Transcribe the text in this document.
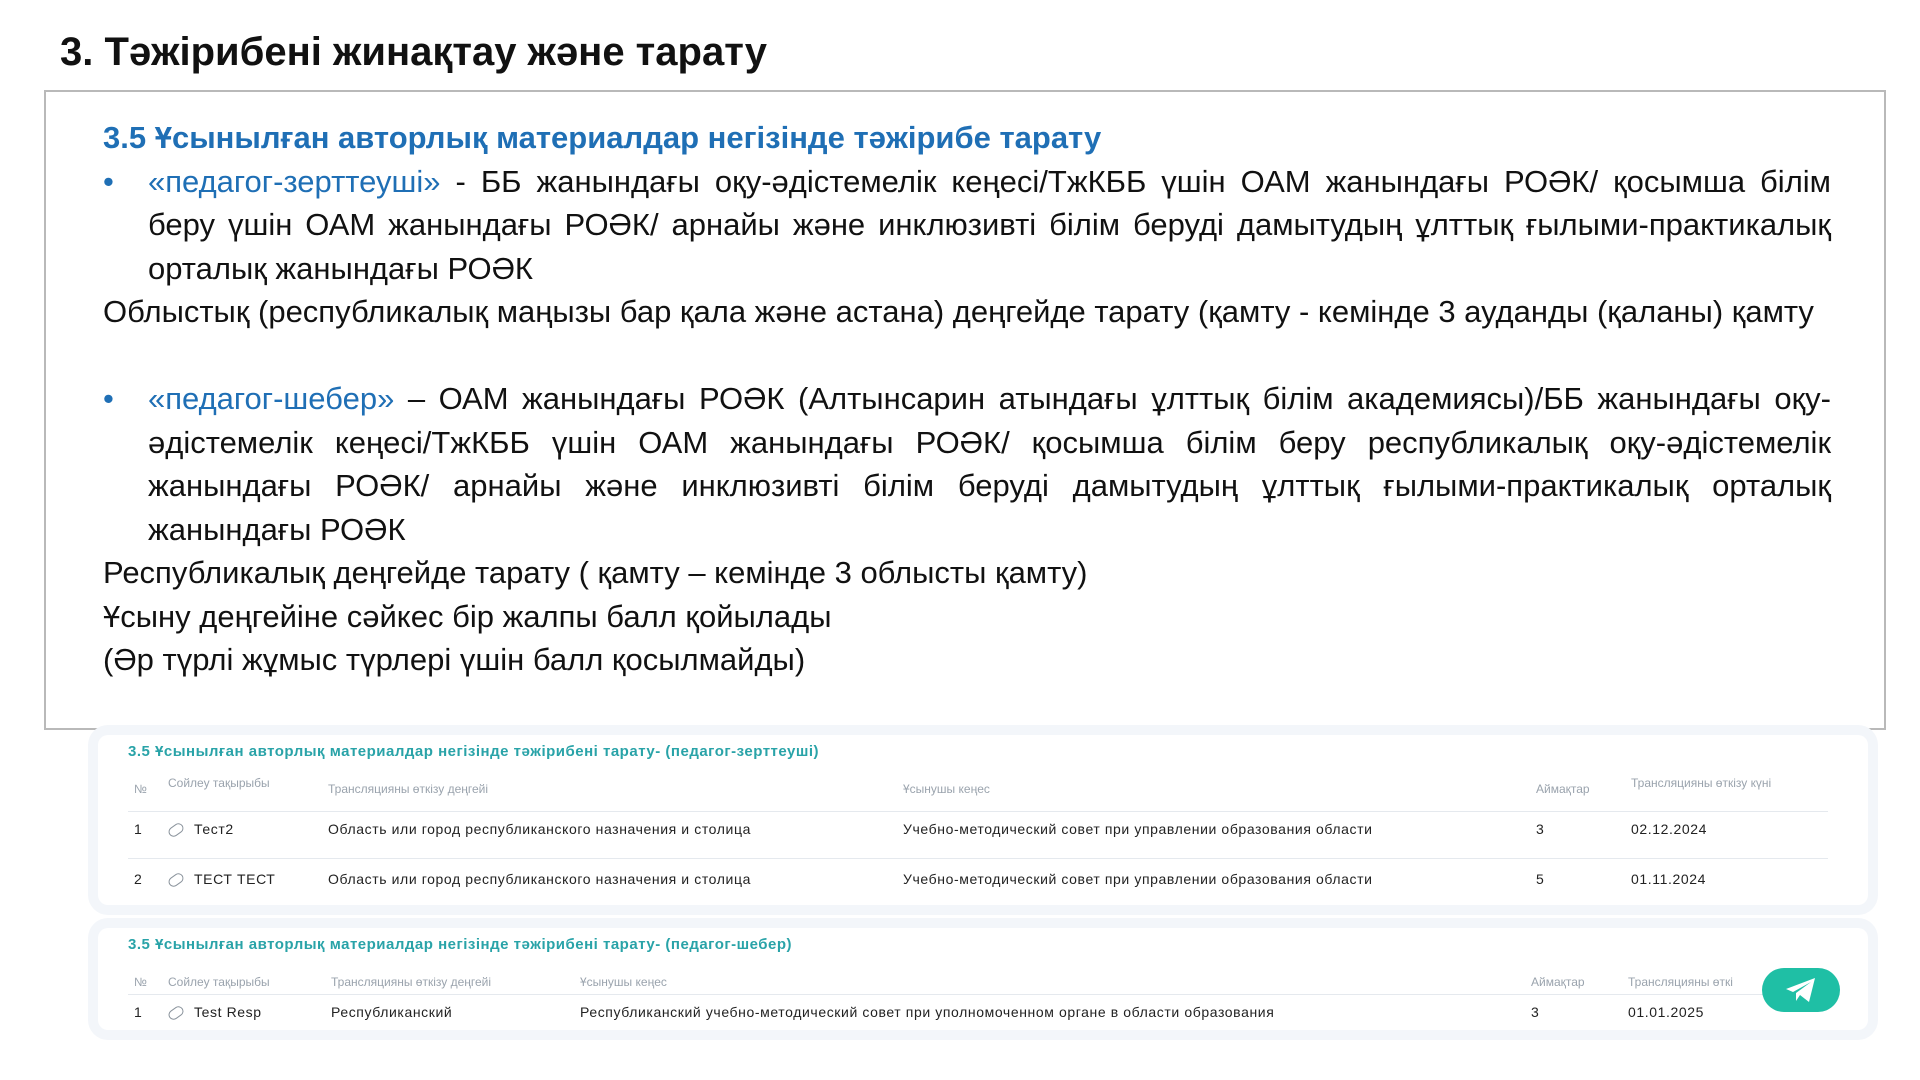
3. Тәжірибені жинақтау және тарату
3.5 Ұсынылған авторлық материалдар негізінде тәжірибе тарату
• «педагог-зерттеуші» - ББ жанындағы оқу-әдістемелік кеңесі/ТжКББ үшін ОАМ жанындағы РОӘК/ қосымша білім беру үшін ОАМ жанындағы РОӘК/ арнайы және инклюзивті білім беруді дамытудың ұлттық ғылыми-практикалық орталық жанындағы РОӘК
Облыстық (республикалық маңызы бар қала және астана) деңгейде тарату (қамту - кемінде 3 ауданды (қаланы) қамту
• «педагог-шебер» – ОАМ жанындағы РОӘК (Алтынсарин атындағы ұлттық білім академиясы)/ББ жанындағы оқу-әдістемелік кеңесі/ТжКББ үшін ОАМ жанындағы РОӘК/ қосымша білім беру республикалық оқу-әдістемелік жанындағы РОӘК/ арнайы және инклюзивті білім беруді дамытудың ұлттық ғылыми-практикалық орталық жанындағы РОӘК
Республикалық деңгейде тарату ( қамту – кемінде 3 облысты қамту)
Ұсыну деңгейіне сәйкес бір жалпы балл қойылады
(Әр түрлі жұмыс түрлері үшін балл қосылмайды)
3.5 Ұсынылған авторлық материалдар негізінде тәжірибені тарату- (педагог-зерттеуші)
№ Сойлеу тақырыбы	Трансляцияны өткізу деңгейі	Ұсынушы кеңес	Аймақтар	Трансляцияны өткізу күні
1	Тест2	Область или город республиканского назначения и столица	Учебно-методический совет при управлении образования области	3	02.12.2024
2	ТЕСТ ТЕСТ	Область или город республиканского назначения и столица	Учебно-методический совет при управлении образования области	5	01.11.2024
3.5 Ұсынылған авторлық материалдар негізінде тәжірибені тарату- (педагог-шебер)
№ Сойлеу тақырыбы	Трансляцияны өткізу деңгейі	Ұсынушы кеңес	Аймақтар	Трансляцияны өткі
1	Test Resp	Республиканский	Республиканский учебно-методический совет при уполномоченном органе в области образования	3	01.01.2025
